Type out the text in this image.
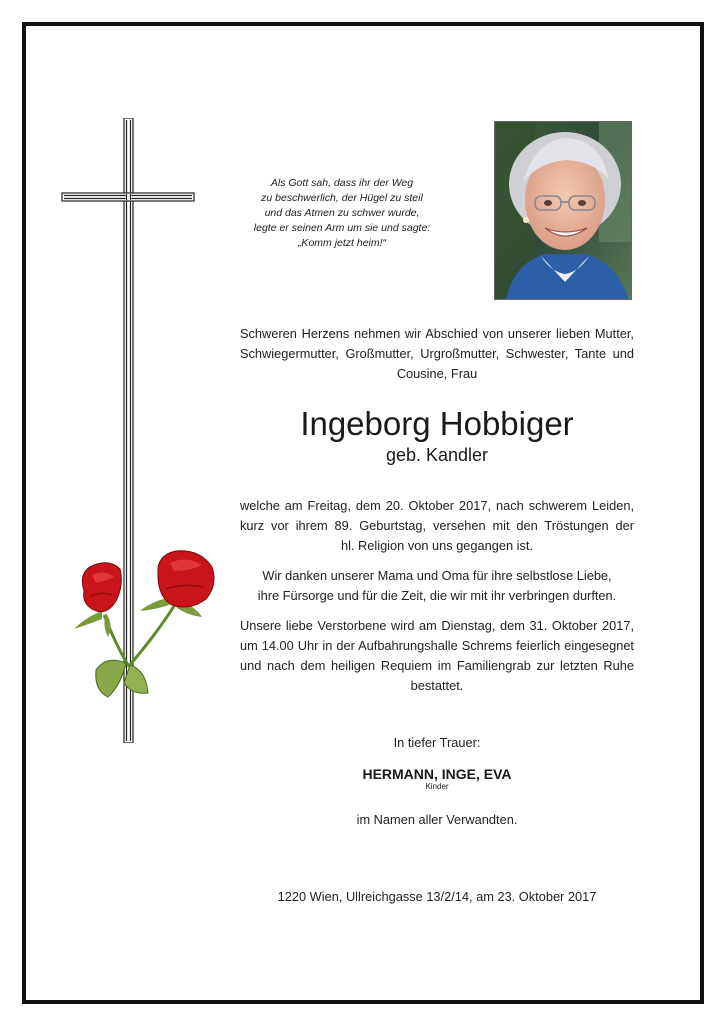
Als Gott sah, dass ihr der Weg
zu beschwerlich, der Hügel zu steil
und das Atmen zu schwer wurde,
legte er seinen Arm um sie und sagte:
„Komm jetzt heim!“
Schweren Herzens nehmen wir Abschied von unserer lieben Mutter,
Schwiegermutter, Großmutter, Urgroßmutter, Schwester, Tante und
Cousine, Frau
Ingeborg Hobbiger
geb. Kandler
welche am Freitag, dem 20. Oktober 2017, nach schwerem Leiden,
kurz vor ihrem 89. Geburtstag, versehen mit den Tröstungen der
hl. Religion von uns gegangen ist.
Wir danken unserer Mama und Oma für ihre selbstlose Liebe,
ihre Fürsorge und für die Zeit, die wir mit ihr verbringen durften.
Unsere liebe Verstorbene wird am Dienstag, dem 31. Oktober 2017,
um 14.00 Uhr in der Aufbahrungshalle Schrems feierlich eingesegnet
und nach dem heiligen Requiem im Familiengrab zur letzten Ruhe
bestattet.
In tiefer Trauer:
HERMANN, INGE, EVA
Kinder
im Namen aller Verwandten.
1220 Wien, Ullreichgasse 13/2/14, am 23. Oktober 2017
